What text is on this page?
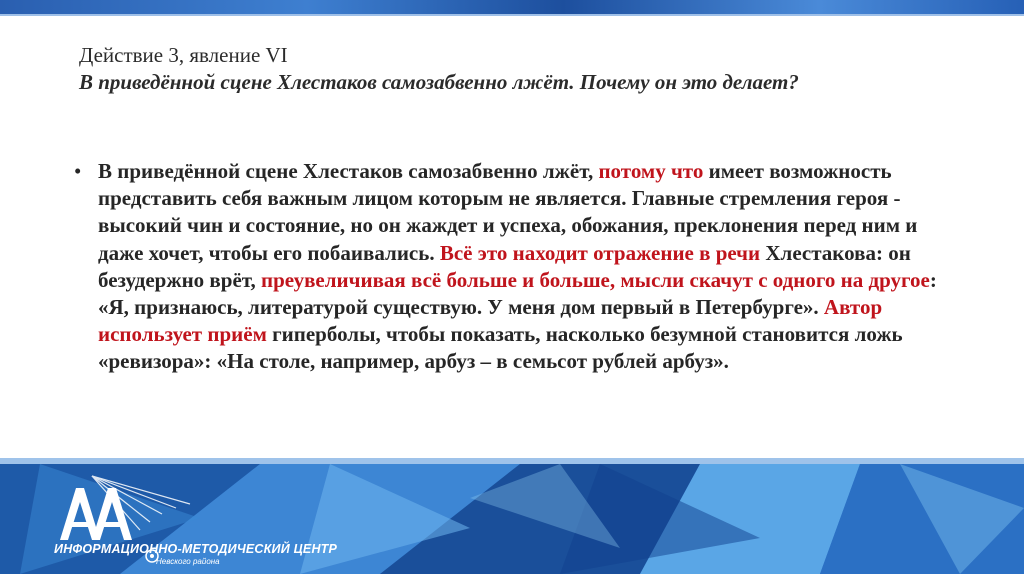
Действие 3, явление VI
В приведённой сцене Хлестаков самозабвенно лжёт. Почему он это делает?
• В приведённой сцене Хлестаков самозабвенно лжёт, потому что имеет возможность представить себя важным лицом которым не является. Главные стремления героя - высокий чин и состояние, но он жаждет и успеха, обожания, преклонения перед ним и даже хочет, чтобы его побаивались. Всё это находит отражение в речи Хлестакова: он безудержно врёт, преувеличивая всё больше и больше, мысли скачут с одного на другое: «Я, признаюсь, литературой существую. У меня дом первый в Петербурге». Автор использует приём гиперболы, чтобы показать, насколько безумной становится ложь «ревизора»: «На столе, например, арбуз – в семьсот рублей арбуз».
ИНФОРМАЦИОННО-МЕТОДИЧЕСКИЙ ЦЕНТР
Невского района
